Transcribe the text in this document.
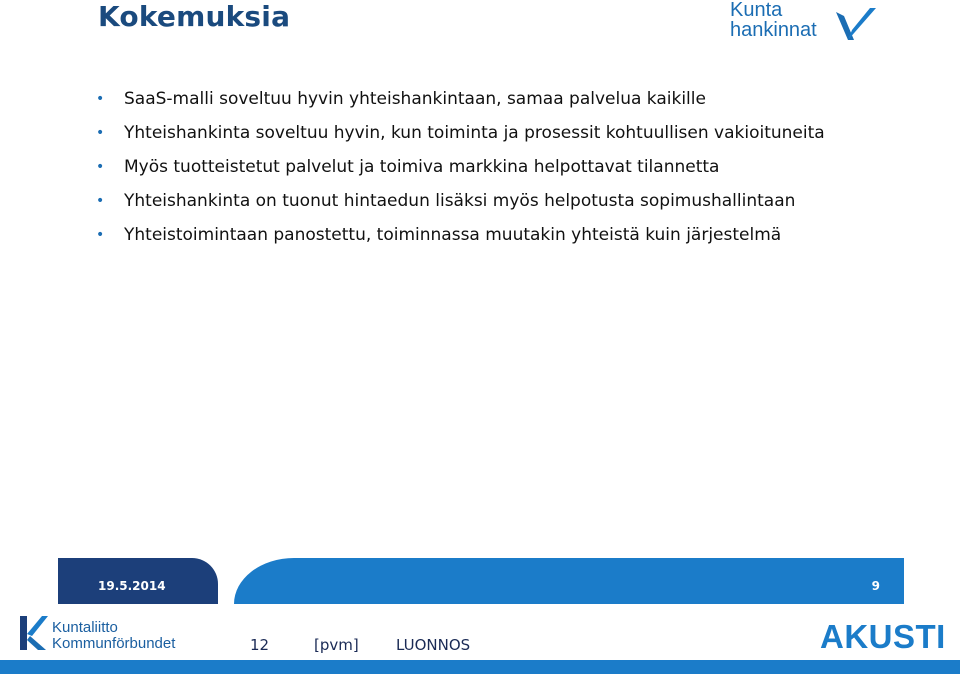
Kokemuksia	Kunta
hankinnat
• SaaS-malli soveltuu hyvin yhteishankintaan, samaa palvelua kaikille
• Yhteishankinta soveltuu hyvin, kun toiminta ja prosessit kohtuullisen vakioituneita
• Myös tuotteistetut palvelut ja toimiva markkina helpottavat tilannetta
• Yhteishankinta on tuonut hintaedun lisäksi myös helpotusta sopimushallintaan
• Yhteistoimintaan panostettu, toiminnassa muutakin yhteistä kuin järjestelmä
19.5.2014	9
Kuntaliitto
Kommunförbundet	12	[pvm] LUONNOS	AKUSTI
